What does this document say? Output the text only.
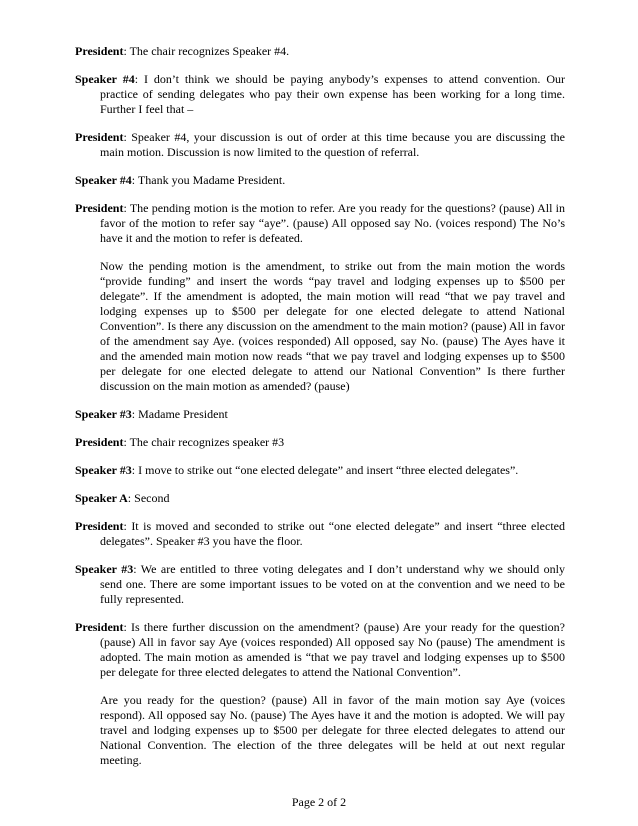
President: The chair recognizes Speaker #4.

Speaker #4: I don’t think we should be paying anybody’s expenses to attend convention. Our practice of sending delegates who pay their own expense has been working for a long time. Further I feel that –

President: Speaker #4, your discussion is out of order at this time because you are discussing the main motion. Discussion is now limited to the question of referral.

Speaker #4: Thank you Madame President.

President: The pending motion is the motion to refer. Are you ready for the questions? (pause) All in favor of the motion to refer say “aye”. (pause) All opposed say No. (voices respond) The No’s have it and the motion to refer is defeated.

Now the pending motion is the amendment, to strike out from the main motion the words “provide funding” and insert the words “pay travel and lodging expenses up to $500 per delegate”. If the amendment is adopted, the main motion will read “that we pay travel and lodging expenses up to $500 per delegate for one elected delegate to attend National Convention”. Is there any discussion on the amendment to the main motion? (pause) All in favor of the amendment say Aye. (voices responded) All opposed, say No. (pause) The Ayes have it and the amended main motion now reads “that we pay travel and lodging expenses up to $500 per delegate for one elected delegate to attend our National Convention” Is there further discussion on the main motion as amended? (pause)

Speaker #3: Madame President

President: The chair recognizes speaker #3

Speaker #3: I move to strike out “one elected delegate” and insert “three elected delegates”.

Speaker A: Second

President: It is moved and seconded to strike out “one elected delegate” and insert “three elected delegates”. Speaker #3 you have the floor.

Speaker #3: We are entitled to three voting delegates and I don’t understand why we should only send one. There are some important issues to be voted on at the convention and we need to be fully represented.

President: Is there further discussion on the amendment? (pause) Are your ready for the question? (pause) All in favor say Aye (voices responded) All opposed say No (pause) The amendment is adopted. The main motion as amended is “that we pay travel and lodging expenses up to $500 per delegate for three elected delegates to attend the National Convention”.

Are you ready for the question? (pause) All in favor of the main motion say Aye (voices respond). All opposed say No. (pause) The Ayes have it and the motion is adopted. We will pay travel and lodging expenses up to $500 per delegate for three elected delegates to attend our National Convention. The election of the three delegates will be held at out next regular meeting.

Page 2 of 2
